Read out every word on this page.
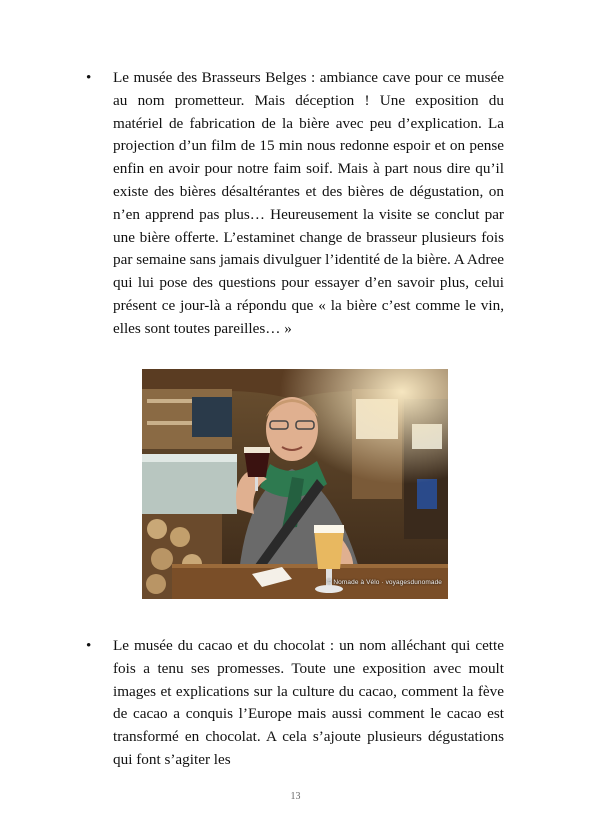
• Le musée des Brasseurs Belges : ambiance cave pour ce musée au nom prometteur. Mais déception ! Une exposition du matériel de fabrication de la bière avec peu d’explication. La projection d’un film de 15 min nous redonne espoir et on pense enfin en avoir pour notre faim soif. Mais à part nous dire qu’il existe des bières désaltérantes et des bières de dégustation, on n’en apprend pas plus… Heureusement la visite se conclut par une bière offerte. L’estaminet change de brasseur plusieurs fois par semaine sans jamais divulguer l’identité de la bière. A Adree qui lui pose des questions pour essayer d’en savoir plus, celui présent ce jour-là a répondu que « la bière c’est comme le vin, elles sont toutes pareilles… »
© Nomade à Vélo · voyagesdunomade
• Le musée du cacao et du chocolat : un nom alléchant qui cette fois a tenu ses promesses. Toute une exposition avec moult images et explications sur la culture du cacao, comment la fève de cacao a conquis l’Europe mais aussi comment le cacao est transformé en chocolat. A cela s’ajoute plusieurs dégustations qui font s’agiter les
13
